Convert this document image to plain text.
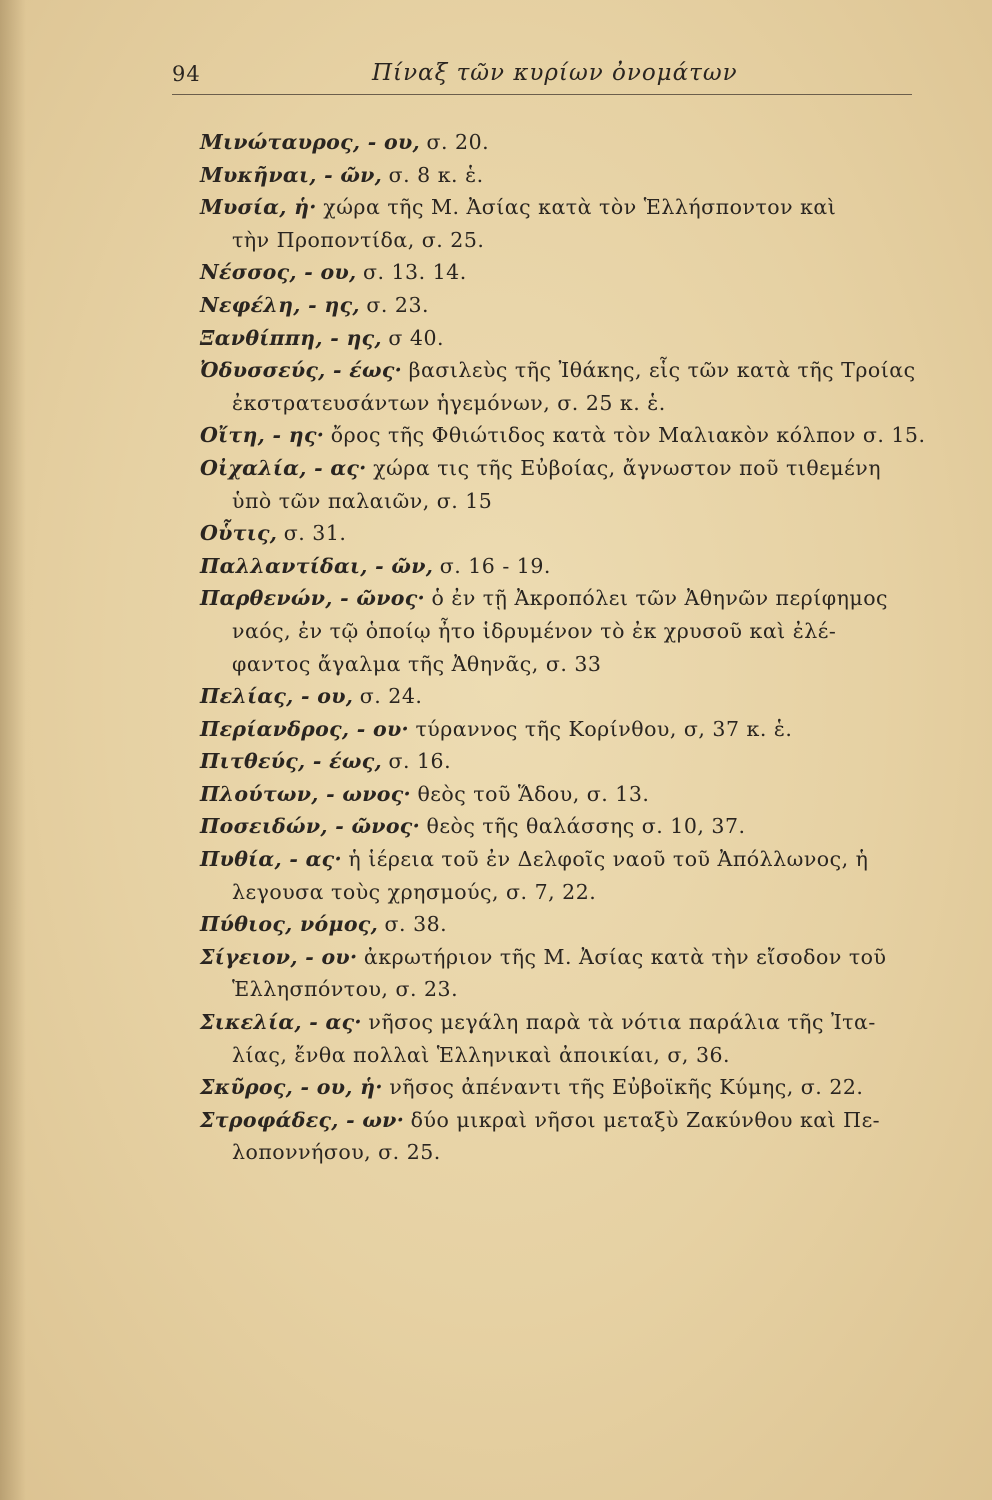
94	Πίναξ τῶν κυρίων ὀνομάτων
Μινώταυρος, - ου, σ. 20.
Μυκῆναι, - ῶν, σ. 8 κ. ἑ.
Μυσία, ἡ· χώρα τῆς Μ. Ἀσίας κατὰ τὸν Ἑλλήσποντον καὶ
τὴν Προποντίδα, σ. 25.
Νέσσος, - ου, σ. 13. 14.
Νεφέλη, - ης, σ. 23.
Ξανθίππη, - ης, σ 40.
Ὀδυσσεύς, - έως· βασιλεὺς τῆς Ἰθάκης, εἷς τῶν κατὰ τῆς Τροίας
ἐκστρατευσάντων ἡγεμόνων, σ. 25 κ. ἑ.
Οἴτη, - ης· ὄρος τῆς Φθιώτιδος κατὰ τὸν Μαλιακὸν κόλπον σ. 15.
Οἰχαλία, - ας· χώρα τις τῆς Εὐβοίας, ἄγνωστον ποῦ τιθεμένη
ὑπὸ τῶν παλαιῶν, σ. 15
Οὗτις, σ. 31.
Παλλαντίδαι, - ῶν, σ. 16 - 19.
Παρθενών, - ῶνος· ὁ ἐν τῇ Ἀκροπόλει τῶν Ἀθηνῶν περίφημος
ναός, ἐν τῷ ὁποίῳ ἦτο ἱδρυμένον τὸ ἐκ χρυσοῦ καὶ ἐλέ-
φαντος ἄγαλμα τῆς Ἀθηνᾶς, σ. 33
Πελίας, - ου, σ. 24.
Περίανδρος, - ου· τύραννος τῆς Κορίνθου, σ, 37 κ. ἑ.
Πιτθεύς, - έως, σ. 16.
Πλούτων, - ωνος· θεὸς τοῦ Ἅδου, σ. 13.
Ποσειδών, - ῶνος· θεὸς τῆς θαλάσσης σ. 10, 37.
Πυθία, - ας· ἡ ἱέρεια τοῦ ἐν Δελφοῖς ναοῦ τοῦ Ἀπόλλωνος, ἡ
λεγουσα τοὺς χρησμούς, σ. 7, 22.
Πύθιος, νόμος, σ. 38.
Σίγειον, - ου· ἀκρωτήριον τῆς Μ. Ἀσίας κατὰ τὴν εἴσοδον τοῦ
Ἑλλησπόντου, σ. 23.
Σικελία, - ας· νῆσος μεγάλη παρὰ τὰ νότια παράλια τῆς Ἰτα-
λίας, ἔνθα πολλαὶ Ἑλληνικαὶ ἀποικίαι, σ, 36.
Σκῦρος, - ου, ἡ· νῆσος ἀπέναντι τῆς Εὐβοϊκῆς Κύμης, σ. 22.
Στροφάδες, - ων· δύο μικραὶ νῆσοι μεταξὺ Ζακύνθου καὶ Πε-
λοποννήσου, σ. 25.
